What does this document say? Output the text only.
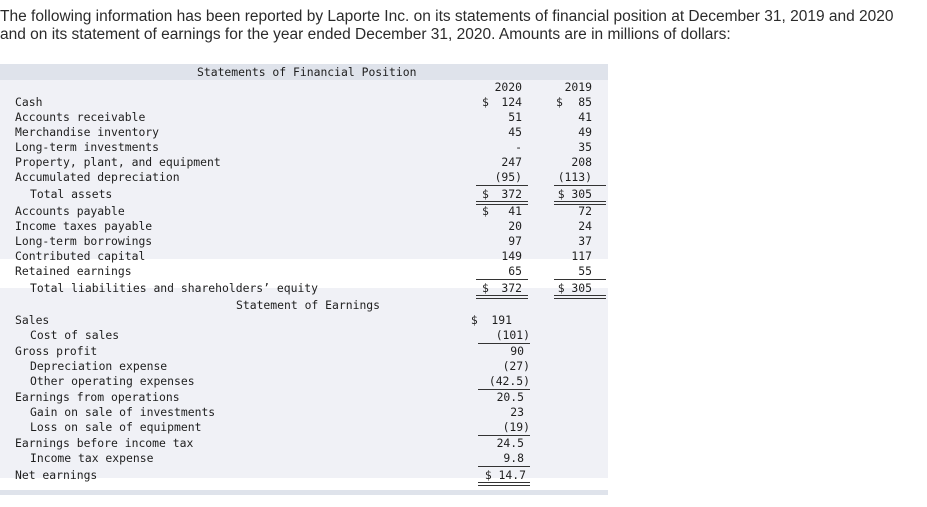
The following information has been reported by Laporte Inc. on its statements of financial position at December 31, 2019 and 2020
and on its statement of earnings for the year ended December 31, 2020. Amounts are in millions of dollars:
Statements of Financial Position
2020	2019
Cash	$	124	$	85
Accounts receivable	51	41
Merchandise inventory	45	49
Long-term investments	-	35
Property, plant, and equipment	247	208
Accumulated depreciation	(95)	(113)
Total assets	$	372	$ 305
Accounts payable	$	41	72
Income taxes payable	20	24
Long-term borrowings	97	37
Contributed capital	149	117
Retained earnings	65	55
Total liabilities and shareholders’ equity	$	372	$ 305
Statement of Earnings
Sales	$  191
Cost of sales	(101)
Gross profit	90
Depreciation expense	(27)
Other operating expenses	(42.5)
Earnings from operations	20.5
Gain on sale of investments	23
Loss on sale of equipment	(19)
Earnings before income tax	24.5
Income tax expense	9.8
Net earnings	$ 14.7
